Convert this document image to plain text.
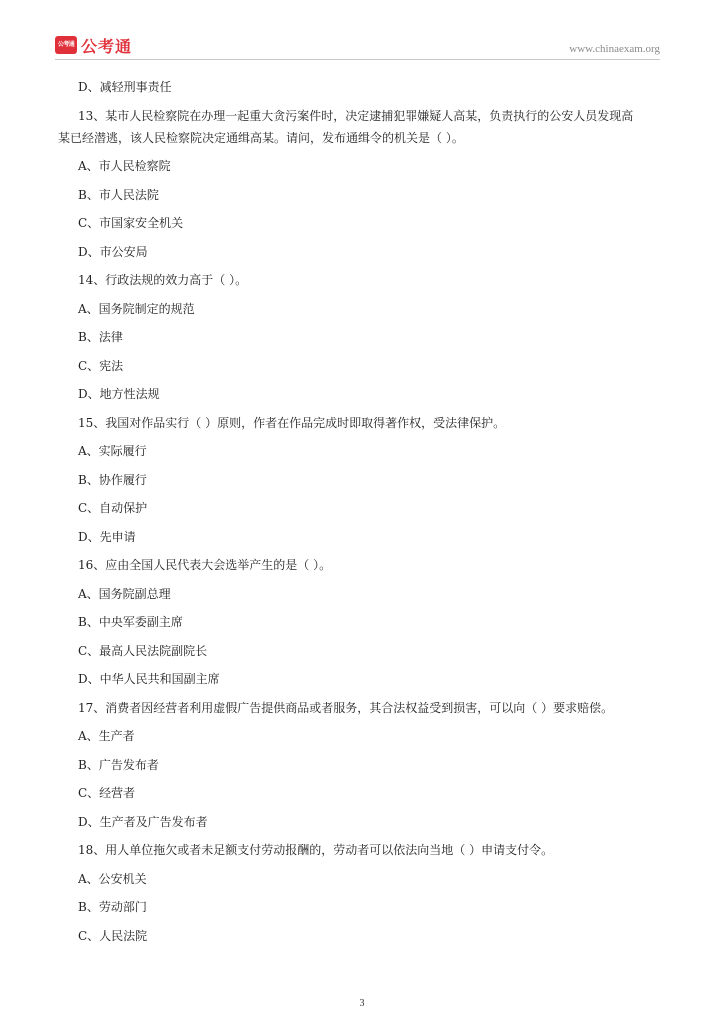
公考通 公考通	www.chinaexam.org
D、减轻刑事责任
13、某市人民检察院在办理一起重大贪污案件时，决定逮捕犯罪嫌疑人高某，负责执行的公安人员发现高
某已经潜逃，该人民检察院决定通缉高某。请问，发布通缉令的机关是（ ）。
A、市人民检察院
B、市人民法院
C、市国家安全机关
D、市公安局
14、行政法规的效力高于（ ）。
A、国务院制定的规范
B、法律
C、宪法
D、地方性法规
15、我国对作品实行（ ）原则，作者在作品完成时即取得著作权，受法律保护。
A、实际履行
B、协作履行
C、自动保护
D、先申请
16、应由全国人民代表大会选举产生的是（ ）。
A、国务院副总理
B、中央军委副主席
C、最高人民法院副院长
D、中华人民共和国副主席
17、消费者因经营者利用虚假广告提供商品或者服务，其合法权益受到损害，可以向（ ）要求赔偿。
A、生产者
B、广告发布者
C、经营者
D、生产者及广告发布者
18、用人单位拖欠或者未足额支付劳动报酬的，劳动者可以依法向当地（ ）申请支付令。
A、公安机关
B、劳动部门
C、人民法院
3
